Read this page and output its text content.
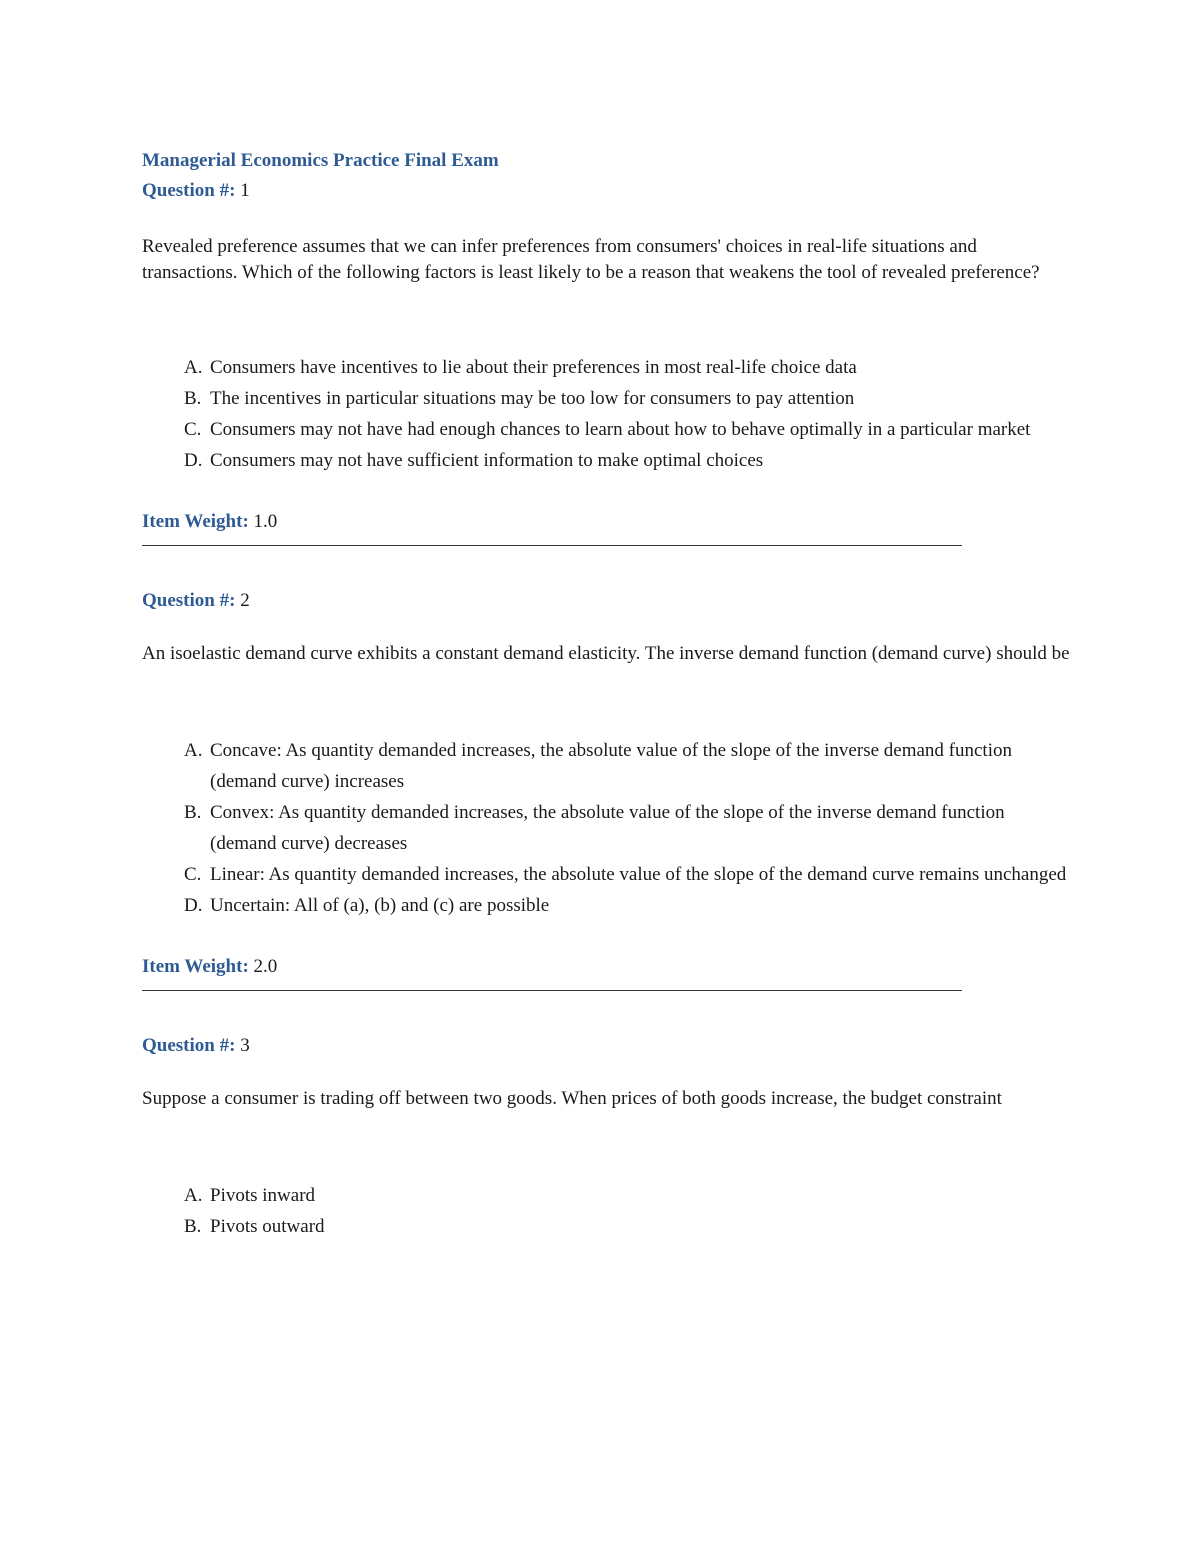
Managerial Economics Practice Final Exam
Question #: 1

Revealed preference assumes that we can infer preferences from consumers' choices in real-life situations and transactions. Which of the following factors is least likely to be a reason that weakens the tool of revealed preference?

A. Consumers have incentives to lie about their preferences in most real-life choice data
B. The incentives in particular situations may be too low for consumers to pay attention
C. Consumers may not have had enough chances to learn about how to behave optimally in a particular market
D. Consumers may not have sufficient information to make optimal choices
Item Weight: 1.0
Question #: 2

An isoelastic demand curve exhibits a constant demand elasticity. The inverse demand function (demand curve) should be

A. Concave: As quantity demanded increases, the absolute value of the slope of the inverse demand function (demand curve) increases
B. Convex: As quantity demanded increases, the absolute value of the slope of the inverse demand function (demand curve) decreases
C. Linear: As quantity demanded increases, the absolute value of the slope of the demand curve remains unchanged
D. Uncertain: All of (a), (b) and (c) are possible
Item Weight: 2.0
Question #: 3

Suppose a consumer is trading off between two goods. When prices of both goods increase, the budget constraint

A. Pivots inward
B. Pivots outward
